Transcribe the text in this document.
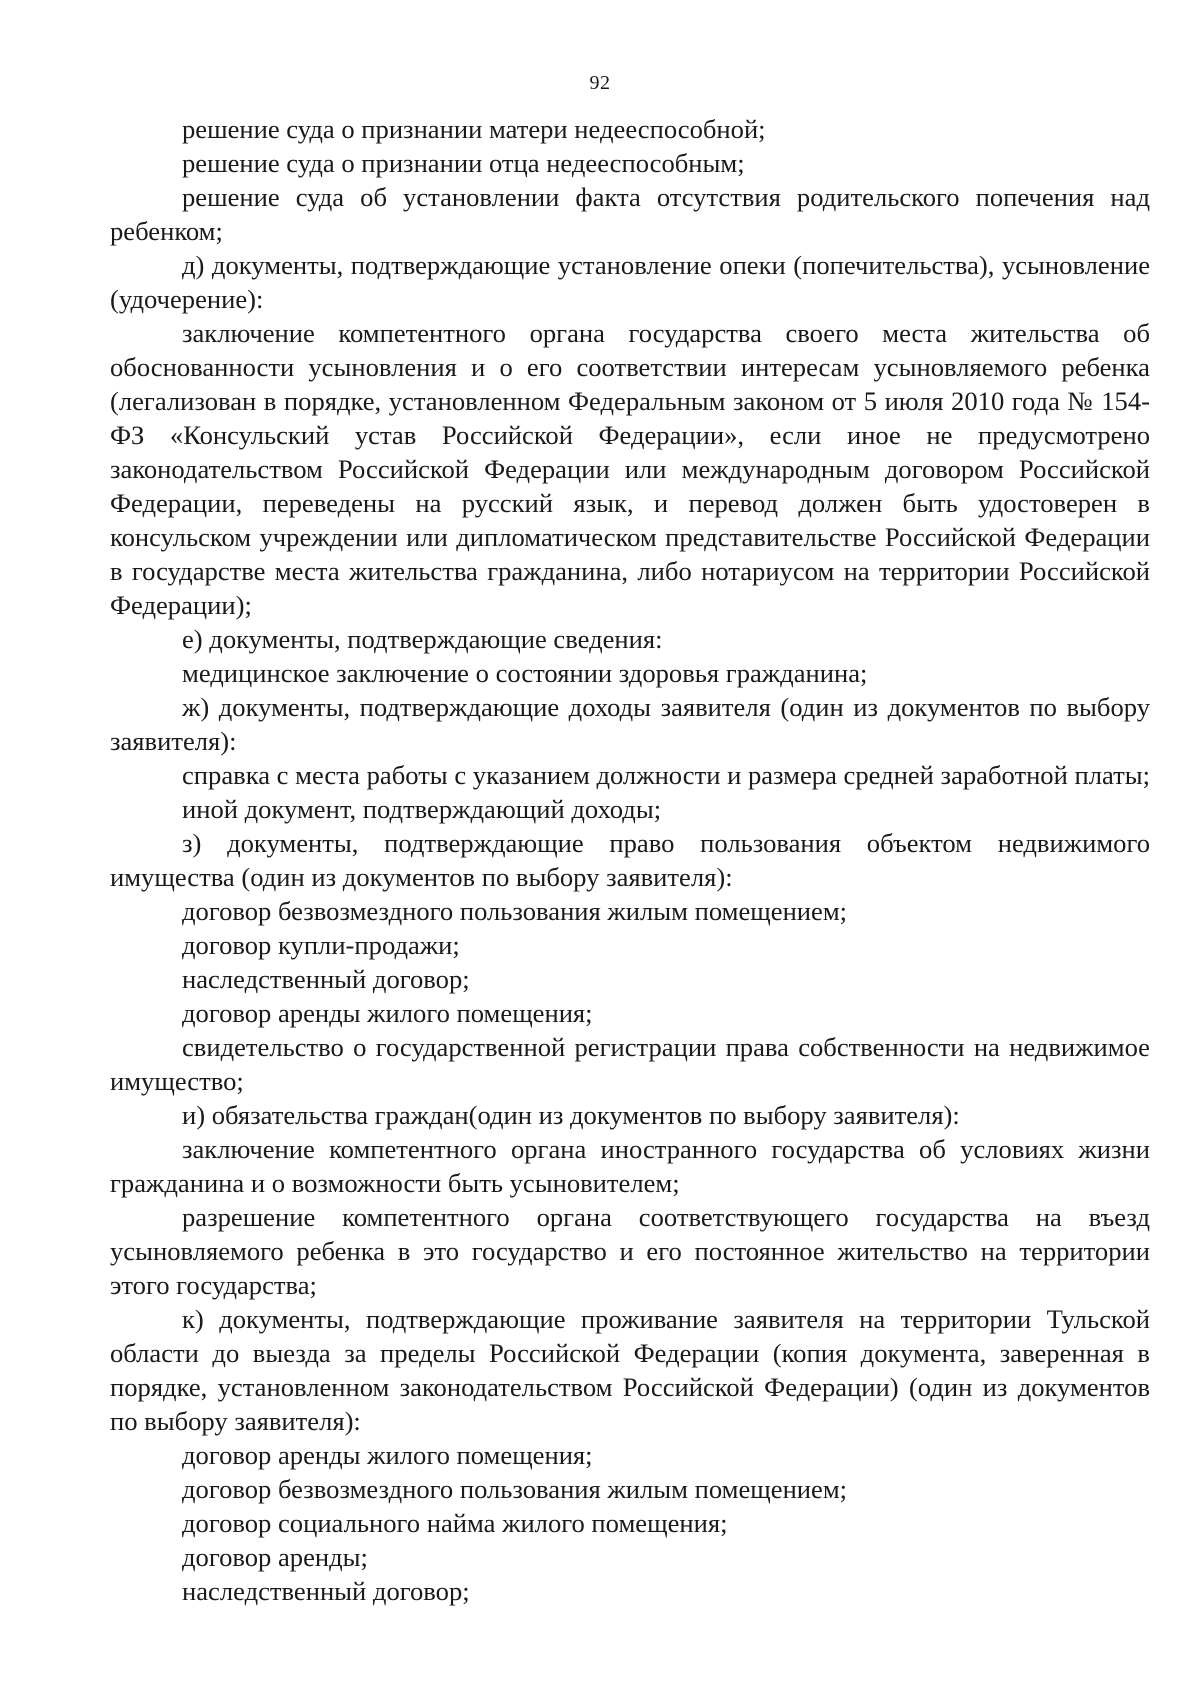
92

решение суда о признании матери недееспособной;

решение суда о признании отца недееспособным;

решение суда об установлении факта отсутствия родительского попечения над ребенком;

д) документы, подтверждающие установление опеки (попечительства), усыновление (удочерение):

заключение компетентного органа государства своего места жительства об обоснованности усыновления и о его соответствии интересам усыновляемого ребенка (легализован в порядке, установленном Федеральным законом от 5 июля 2010 года № 154-ФЗ «Консульский устав Российской Федерации», если иное не предусмотрено законодательством Российской Федерации или международным договором Российской Федерации, переведены на русский язык, и перевод должен быть удостоверен в консульском учреждении или дипломатическом представительстве Российской Федерации в государстве места жительства гражданина, либо нотариусом на территории Российской Федерации);

е) документы, подтверждающие сведения:

медицинское заключение о состоянии здоровья гражданина;

ж) документы, подтверждающие доходы заявителя (один из документов по выбору заявителя):

справка с места работы с указанием должности и размера средней заработной платы;

иной документ, подтверждающий доходы;

з) документы, подтверждающие право пользования объектом недвижимого имущества (один из документов по выбору заявителя):

договор безвозмездного пользования жилым помещением;

договор купли-продажи;

наследственный договор;

договор аренды жилого помещения;

свидетельство о государственной регистрации права собственности на недвижимое имущество;

и) обязательства граждан(один из документов по выбору заявителя):

заключение компетентного органа иностранного государства об условиях жизни гражданина и о возможности быть усыновителем;

разрешение компетентного органа соответствующего государства на въезд усыновляемого ребенка в это государство и его постоянное жительство на территории этого государства;

к) документы, подтверждающие проживание заявителя на территории Тульской области до выезда за пределы Российской Федерации (копия документа, заверенная в порядке, установленном законодательством Российской Федерации) (один из документов по выбору заявителя):

договор аренды жилого помещения;

договор безвозмездного пользования жилым помещением;

договор социального найма жилого помещения;

договор аренды;

наследственный договор;
